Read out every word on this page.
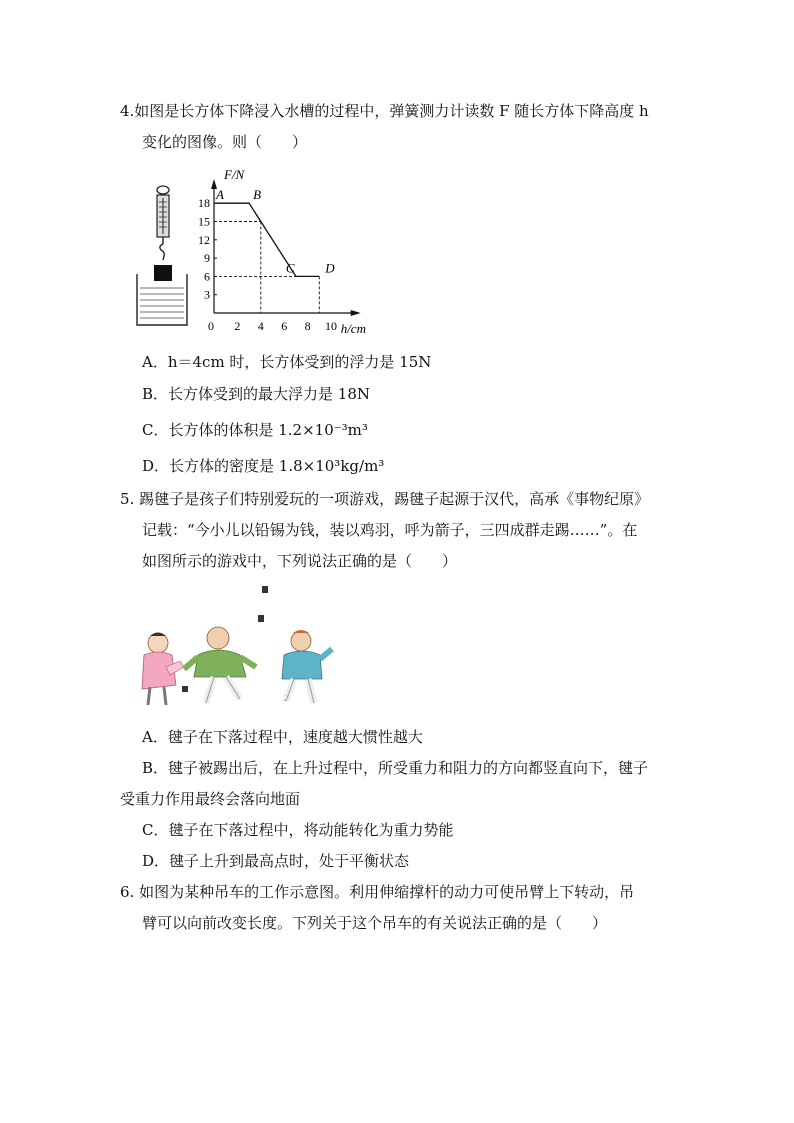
4.如图是长方体下降浸入水槽的过程中，弹簧测力计读数 F 随长方体下降高度 h
变化的图像。则（　　）
F/N
h/cm
3
6
9
12
15
18
0 2 4 6 8 10
A B
C D
A．h＝4cm 时，长方体受到的浮力是 15N
B．长方体受到的最大浮力是 18N
C．长方体的体积是 1.2×10⁻³m³
D．长方体的密度是 1.8×10³kg/m³
5. 踢毽子是孩子们特别爱玩的一项游戏，踢毽子起源于汉代，高承《事物纪原》
记载：“今小儿以铅锡为钱，装以鸡羽，呼为箭子，三四成群走踢……”。在
如图所示的游戏中，下列说法正确的是（　　）
A．毽子在下落过程中，速度越大惯性越大
B．毽子被踢出后，在上升过程中，所受重力和阻力的方向都竖直向下，毽子
受重力作用最终会落向地面
C．毽子在下落过程中，将动能转化为重力势能
D．毽子上升到最高点时，处于平衡状态
6. 如图为某种吊车的工作示意图。利用伸缩撑杆的动力可使吊臂上下转动，吊
臂可以向前改变长度。下列关于这个吊车的有关说法正确的是（　　）
